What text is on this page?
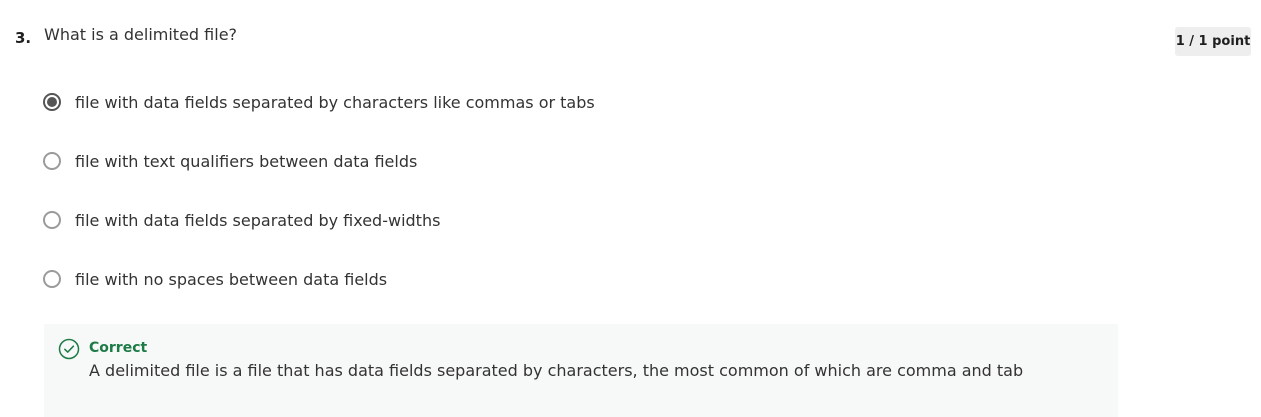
3. What is a delimited file?	1 / 1 point
file with data fields separated by characters like commas or tabs
file with text qualifiers between data fields
file with data fields separated by fixed-widths
file with no spaces between data fields
Correct
A delimited file is a file that has data fields separated by characters, the most common of which are comma and tab
